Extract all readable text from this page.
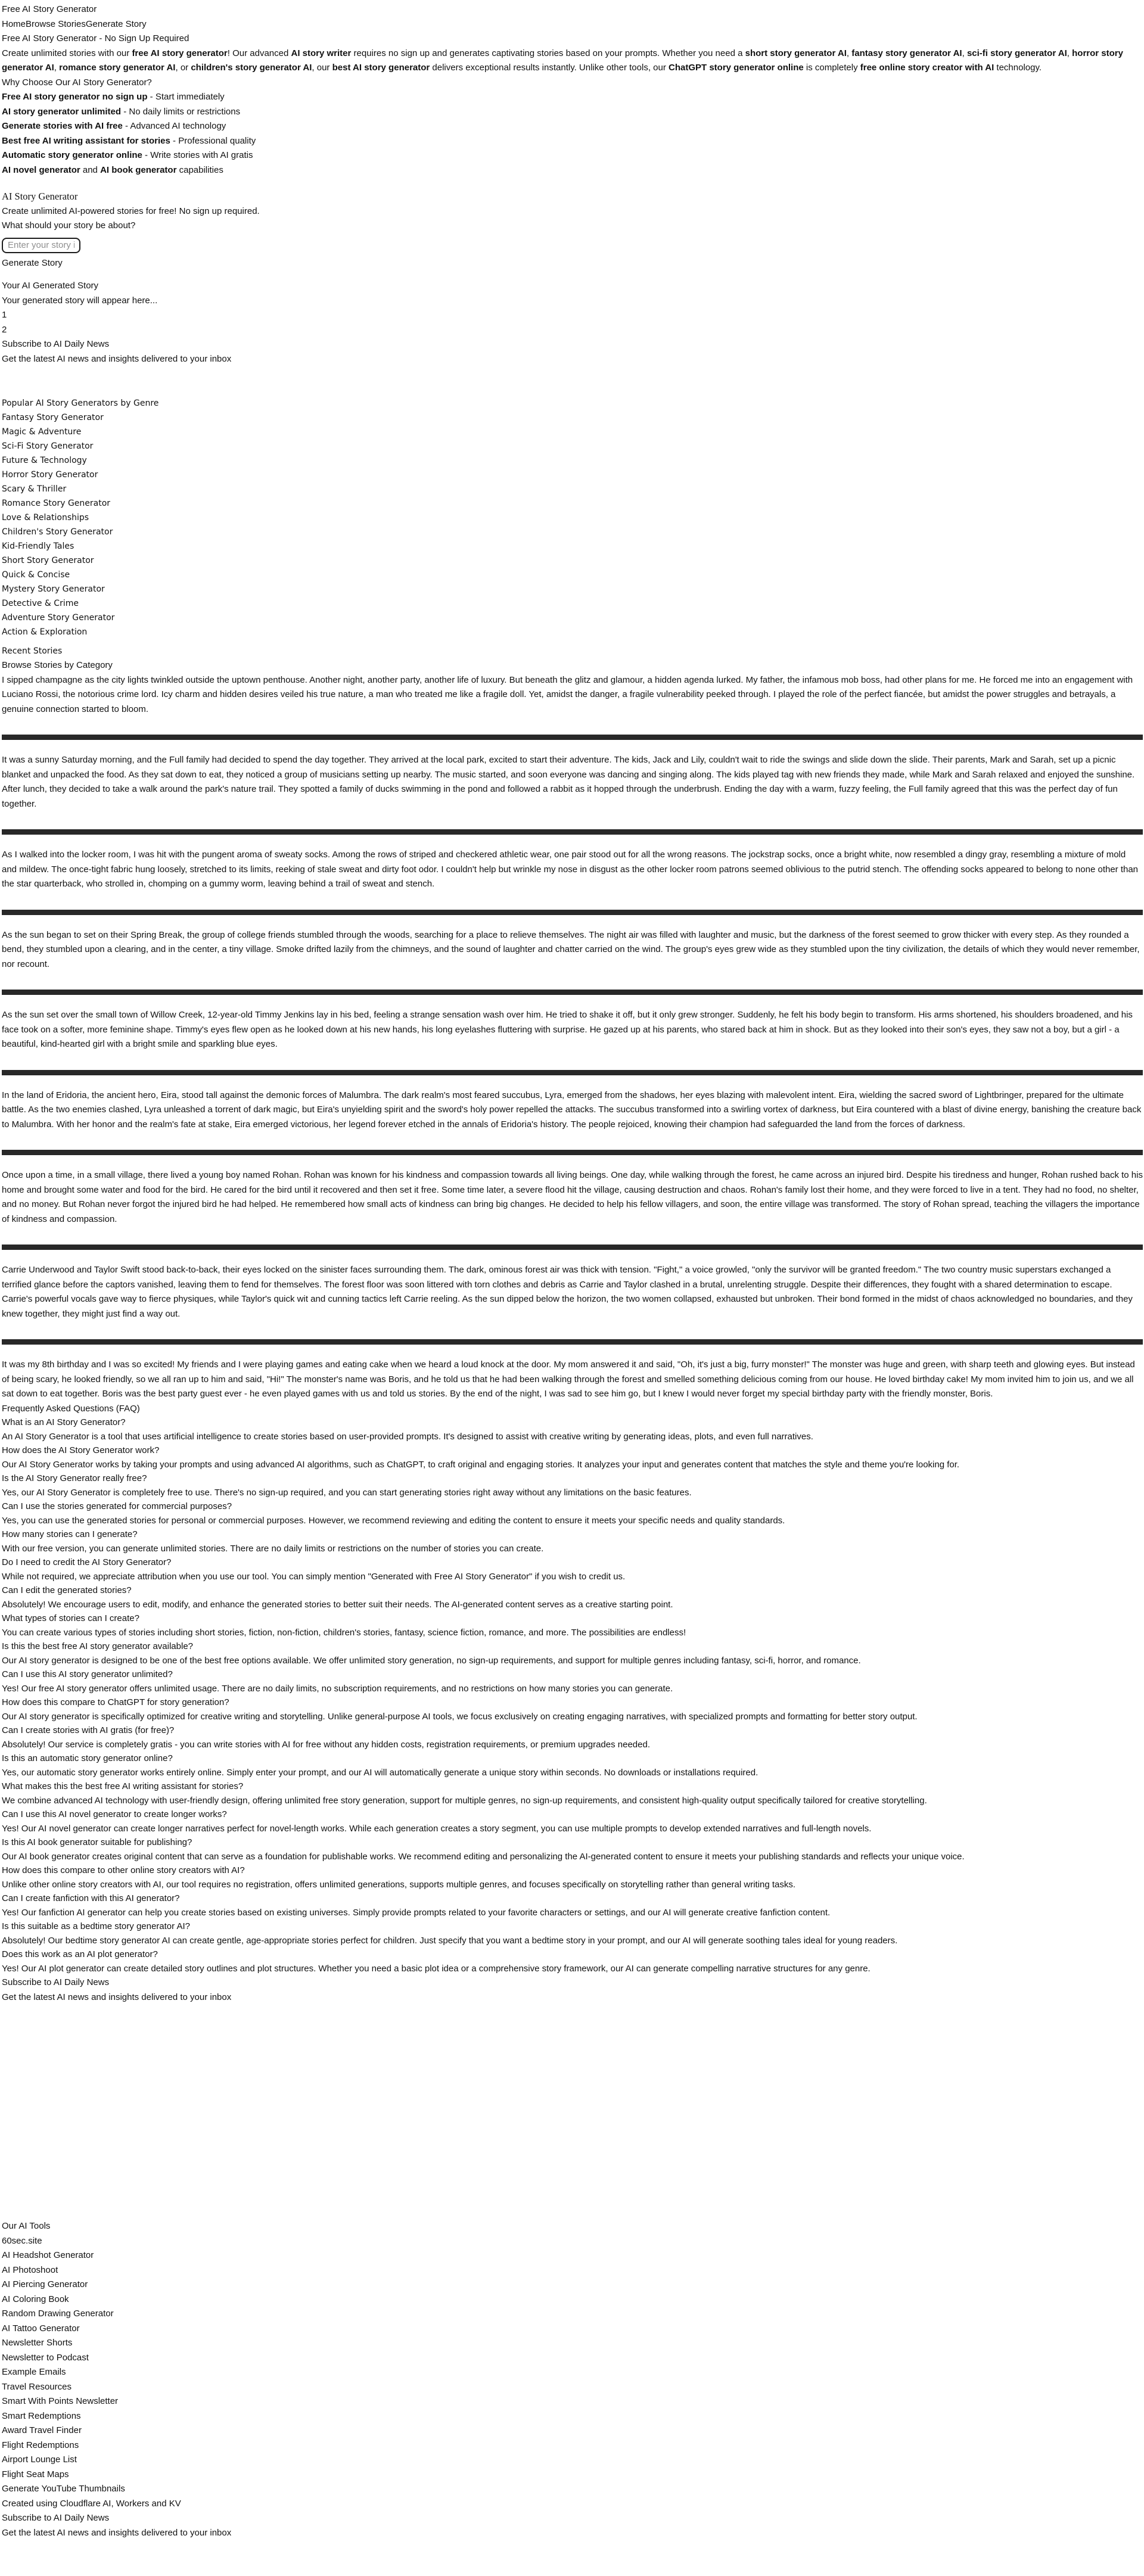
Free AI Story Generator
HomeBrowse StoriesGenerate Story
Free AI Story Generator - No Sign Up Required

Create unlimited stories with our free AI story generator! Our advanced AI story writer requires no sign up and generates captivating stories based on your prompts. Whether you need a short story generator AI, fantasy story generator AI, sci-fi story generator AI, horror story generator AI, romance story generator AI, or children's story generator AI, our best AI story generator delivers exceptional results instantly. Unlike other tools, our ChatGPT story generator online is completely free online story creator with AI technology.

Why Choose Our AI Story Generator?
Free AI story generator no sign up - Start immediately
AI story generator unlimited - No daily limits or restrictions
Generate stories with AI free - Advanced AI technology
Best free AI writing assistant for stories - Professional quality
Automatic story generator online - Write stories with AI gratis
AI novel generator and AI book generator capabilities
AI Story Generator
Create unlimited AI-powered stories for free! No sign up required.
What should your story be about?
Enter your story idea...
Generate Story
Your AI Generated Story
Your generated story will appear here...
1
2
Subscribe to AI Daily News
Get the latest AI news and insights delivered to your inbox
Popular AI Story Generators by Genre
Fantasy Story Generator
Magic & Adventure
Sci-Fi Story Generator
Future & Technology
Horror Story Generator
Scary & Thriller
Romance Story Generator
Love & Relationships
Children's Story Generator
Kid-Friendly Tales
Short Story Generator
Quick & Concise
Mystery Story Generator
Detective & Crime
Adventure Story Generator
Action & Exploration
Recent Stories
Browse Stories by Category

I sipped champagne as the city lights twinkled outside the uptown penthouse. Another night, another party, another life of luxury. But beneath the glitz and glamour, a hidden agenda lurked. My father, the infamous mob boss, had other plans for me. He forced me into an engagement with Luciano Rossi, the notorious crime lord. Icy charm and hidden desires veiled his true nature, a man who treated me like a fragile doll. Yet, amidst the danger, a fragile vulnerability peeked through. I played the role of the perfect fiancée, but amidst the power struggles and betrayals, a genuine connection started to bloom.

It was a sunny Saturday morning, and the Full family had decided to spend the day together. They arrived at the local park, excited to start their adventure. The kids, Jack and Lily, couldn't wait to ride the swings and slide down the slide. Their parents, Mark and Sarah, set up a picnic blanket and unpacked the food. As they sat down to eat, they noticed a group of musicians setting up nearby. The music started, and soon everyone was dancing and singing along. The kids played tag with new friends they made, while Mark and Sarah relaxed and enjoyed the sunshine. After lunch, they decided to take a walk around the park's nature trail. They spotted a family of ducks swimming in the pond and followed a rabbit as it hopped through the underbrush. Ending the day with a warm, fuzzy feeling, the Full family agreed that this was the perfect day of fun together.

As I walked into the locker room, I was hit with the pungent aroma of sweaty socks. Among the rows of striped and checkered athletic wear, one pair stood out for all the wrong reasons. The jockstrap socks, once a bright white, now resembled a dingy gray, resembling a mixture of mold and mildew. The once-tight fabric hung loosely, stretched to its limits, reeking of stale sweat and dirty foot odor. I couldn't help but wrinkle my nose in disgust as the other locker room patrons seemed oblivious to the putrid stench. The offending socks appeared to belong to none other than the star quarterback, who strolled in, chomping on a gummy worm, leaving behind a trail of sweat and stench.

As the sun began to set on their Spring Break, the group of college friends stumbled through the woods, searching for a place to relieve themselves. The night air was filled with laughter and music, but the darkness of the forest seemed to grow thicker with every step. As they rounded a bend, they stumbled upon a clearing, and in the center, a tiny village. Smoke drifted lazily from the chimneys, and the sound of laughter and chatter carried on the wind. The group's eyes grew wide as they stumbled upon the tiny civilization, the details of which they would never remember, nor recount.

As the sun set over the small town of Willow Creek, 12-year-old Timmy Jenkins lay in his bed, feeling a strange sensation wash over him. He tried to shake it off, but it only grew stronger. Suddenly, he felt his body begin to transform. His arms shortened, his shoulders broadened, and his face took on a softer, more feminine shape. Timmy's eyes flew open as he looked down at his new hands, his long eyelashes fluttering with surprise. He gazed up at his parents, who stared back at him in shock. But as they looked into their son's eyes, they saw not a boy, but a girl - a beautiful, kind-hearted girl with a bright smile and sparkling blue eyes.

In the land of Eridoria, the ancient hero, Eira, stood tall against the demonic forces of Malumbra. The dark realm's most feared succubus, Lyra, emerged from the shadows, her eyes blazing with malevolent intent. Eira, wielding the sacred sword of Lightbringer, prepared for the ultimate battle. As the two enemies clashed, Lyra unleashed a torrent of dark magic, but Eira's unyielding spirit and the sword's holy power repelled the attacks. The succubus transformed into a swirling vortex of darkness, but Eira countered with a blast of divine energy, banishing the creature back to Malumbra. With her honor and the realm's fate at stake, Eira emerged victorious, her legend forever etched in the annals of Eridoria's history. The people rejoiced, knowing their champion had safeguarded the land from the forces of darkness.

Once upon a time, in a small village, there lived a young boy named Rohan. Rohan was known for his kindness and compassion towards all living beings. One day, while walking through the forest, he came across an injured bird. Despite his tiredness and hunger, Rohan rushed back to his home and brought some water and food for the bird. He cared for the bird until it recovered and then set it free. Some time later, a severe flood hit the village, causing destruction and chaos. Rohan's family lost their home, and they were forced to live in a tent. They had no food, no shelter, and no money. But Rohan never forgot the injured bird he had helped. He remembered how small acts of kindness can bring big changes. He decided to help his fellow villagers, and soon, the entire village was transformed. The story of Rohan spread, teaching the villagers the importance of kindness and compassion.

Carrie Underwood and Taylor Swift stood back-to-back, their eyes locked on the sinister faces surrounding them. The dark, ominous forest air was thick with tension. "Fight," a voice growled, "only the survivor will be granted freedom." The two country music superstars exchanged a terrified glance before the captors vanished, leaving them to fend for themselves. The forest floor was soon littered with torn clothes and debris as Carrie and Taylor clashed in a brutal, unrelenting struggle. Despite their differences, they fought with a shared determination to escape. Carrie's powerful vocals gave way to fierce physiques, while Taylor's quick wit and cunning tactics left Carrie reeling. As the sun dipped below the horizon, the two women collapsed, exhausted but unbroken. Their bond formed in the midst of chaos acknowledged no boundaries, and they knew together, they might just find a way out.

It was my 8th birthday and I was so excited! My friends and I were playing games and eating cake when we heard a loud knock at the door. My mom answered it and said, "Oh, it's just a big, furry monster!" The monster was huge and green, with sharp teeth and glowing eyes. But instead of being scary, he looked friendly, so we all ran up to him and said, "Hi!" The monster's name was Boris, and he told us that he had been walking through the forest and smelled something delicious coming from our house. He loved birthday cake! My mom invited him to join us, and we all sat down to eat together. Boris was the best party guest ever - he even played games with us and told us stories. By the end of the night, I was sad to see him go, but I knew I would never forget my special birthday party with the friendly monster, Boris.

Frequently Asked Questions (FAQ)
What is an AI Story Generator?
An AI Story Generator is a tool that uses artificial intelligence to create stories based on user-provided prompts. It's designed to assist with creative writing by generating ideas, plots, and even full narratives.
How does the AI Story Generator work?
Our AI Story Generator works by taking your prompts and using advanced AI algorithms, such as ChatGPT, to craft original and engaging stories. It analyzes your input and generates content that matches the style and theme you're looking for.
Is the AI Story Generator really free?
Yes, our AI Story Generator is completely free to use. There's no sign-up required, and you can start generating stories right away without any limitations on the basic features.
Can I use the stories generated for commercial purposes?
Yes, you can use the generated stories for personal or commercial purposes. However, we recommend reviewing and editing the content to ensure it meets your specific needs and quality standards.
How many stories can I generate?
With our free version, you can generate unlimited stories. There are no daily limits or restrictions on the number of stories you can create.
Do I need to credit the AI Story Generator?
While not required, we appreciate attribution when you use our tool. You can simply mention "Generated with Free AI Story Generator" if you wish to credit us.
Can I edit the generated stories?
Absolutely! We encourage users to edit, modify, and enhance the generated stories to better suit their needs. The AI-generated content serves as a creative starting point.
What types of stories can I create?
You can create various types of stories including short stories, fiction, non-fiction, children's stories, fantasy, science fiction, romance, and more. The possibilities are endless!
Is this the best free AI story generator available?
Our AI story generator is designed to be one of the best free options available. We offer unlimited story generation, no sign-up requirements, and support for multiple genres including fantasy, sci-fi, horror, and romance.
Can I use this AI story generator unlimited?
Yes! Our free AI story generator offers unlimited usage. There are no daily limits, no subscription requirements, and no restrictions on how many stories you can generate.
How does this compare to ChatGPT for story generation?
Our AI story generator is specifically optimized for creative writing and storytelling. Unlike general-purpose AI tools, we focus exclusively on creating engaging narratives, with specialized prompts and formatting for better story output.
Can I create stories with AI gratis (for free)?
Absolutely! Our service is completely gratis - you can write stories with AI for free without any hidden costs, registration requirements, or premium upgrades needed.
Is this an automatic story generator online?
Yes, our automatic story generator works entirely online. Simply enter your prompt, and our AI will automatically generate a unique story within seconds. No downloads or installations required.
What makes this the best free AI writing assistant for stories?
We combine advanced AI technology with user-friendly design, offering unlimited free story generation, support for multiple genres, no sign-up requirements, and consistent high-quality output specifically tailored for creative storytelling.
Can I use this AI novel generator to create longer works?
Yes! Our AI novel generator can create longer narratives perfect for novel-length works. While each generation creates a story segment, you can use multiple prompts to develop extended narratives and full-length novels.
Is this AI book generator suitable for publishing?
Our AI book generator creates original content that can serve as a foundation for publishable works. We recommend editing and personalizing the AI-generated content to ensure it meets your publishing standards and reflects your unique voice.
How does this compare to other online story creators with AI?
Unlike other online story creators with AI, our tool requires no registration, offers unlimited generations, supports multiple genres, and focuses specifically on storytelling rather than general writing tasks.
Can I create fanfiction with this AI generator?
Yes! Our fanfiction AI generator can help you create stories based on existing universes. Simply provide prompts related to your favorite characters or settings, and our AI will generate creative fanfiction content.
Is this suitable as a bedtime story generator AI?
Absolutely! Our bedtime story generator AI can create gentle, age-appropriate stories perfect for children. Just specify that you want a bedtime story in your prompt, and our AI will generate soothing tales ideal for young readers.
Does this work as an AI plot generator?
Yes! Our AI plot generator can create detailed story outlines and plot structures. Whether you need a basic plot idea or a comprehensive story framework, our AI can generate compelling narrative structures for any genre.
Subscribe to AI Daily News
Get the latest AI news and insights delivered to your inbox
Our AI Tools
60sec.site
AI Headshot Generator
AI Photoshoot
AI Piercing Generator
AI Coloring Book
Random Drawing Generator
AI Tattoo Generator
Newsletter Shorts
Newsletter to Podcast
Example Emails
Travel Resources
Smart With Points Newsletter
Smart Redemptions
Award Travel Finder
Flight Redemptions
Airport Lounge List
Flight Seat Maps
Generate YouTube Thumbnails
Created using Cloudflare AI, Workers and KV
Subscribe to AI Daily News
Get the latest AI news and insights delivered to your inbox
